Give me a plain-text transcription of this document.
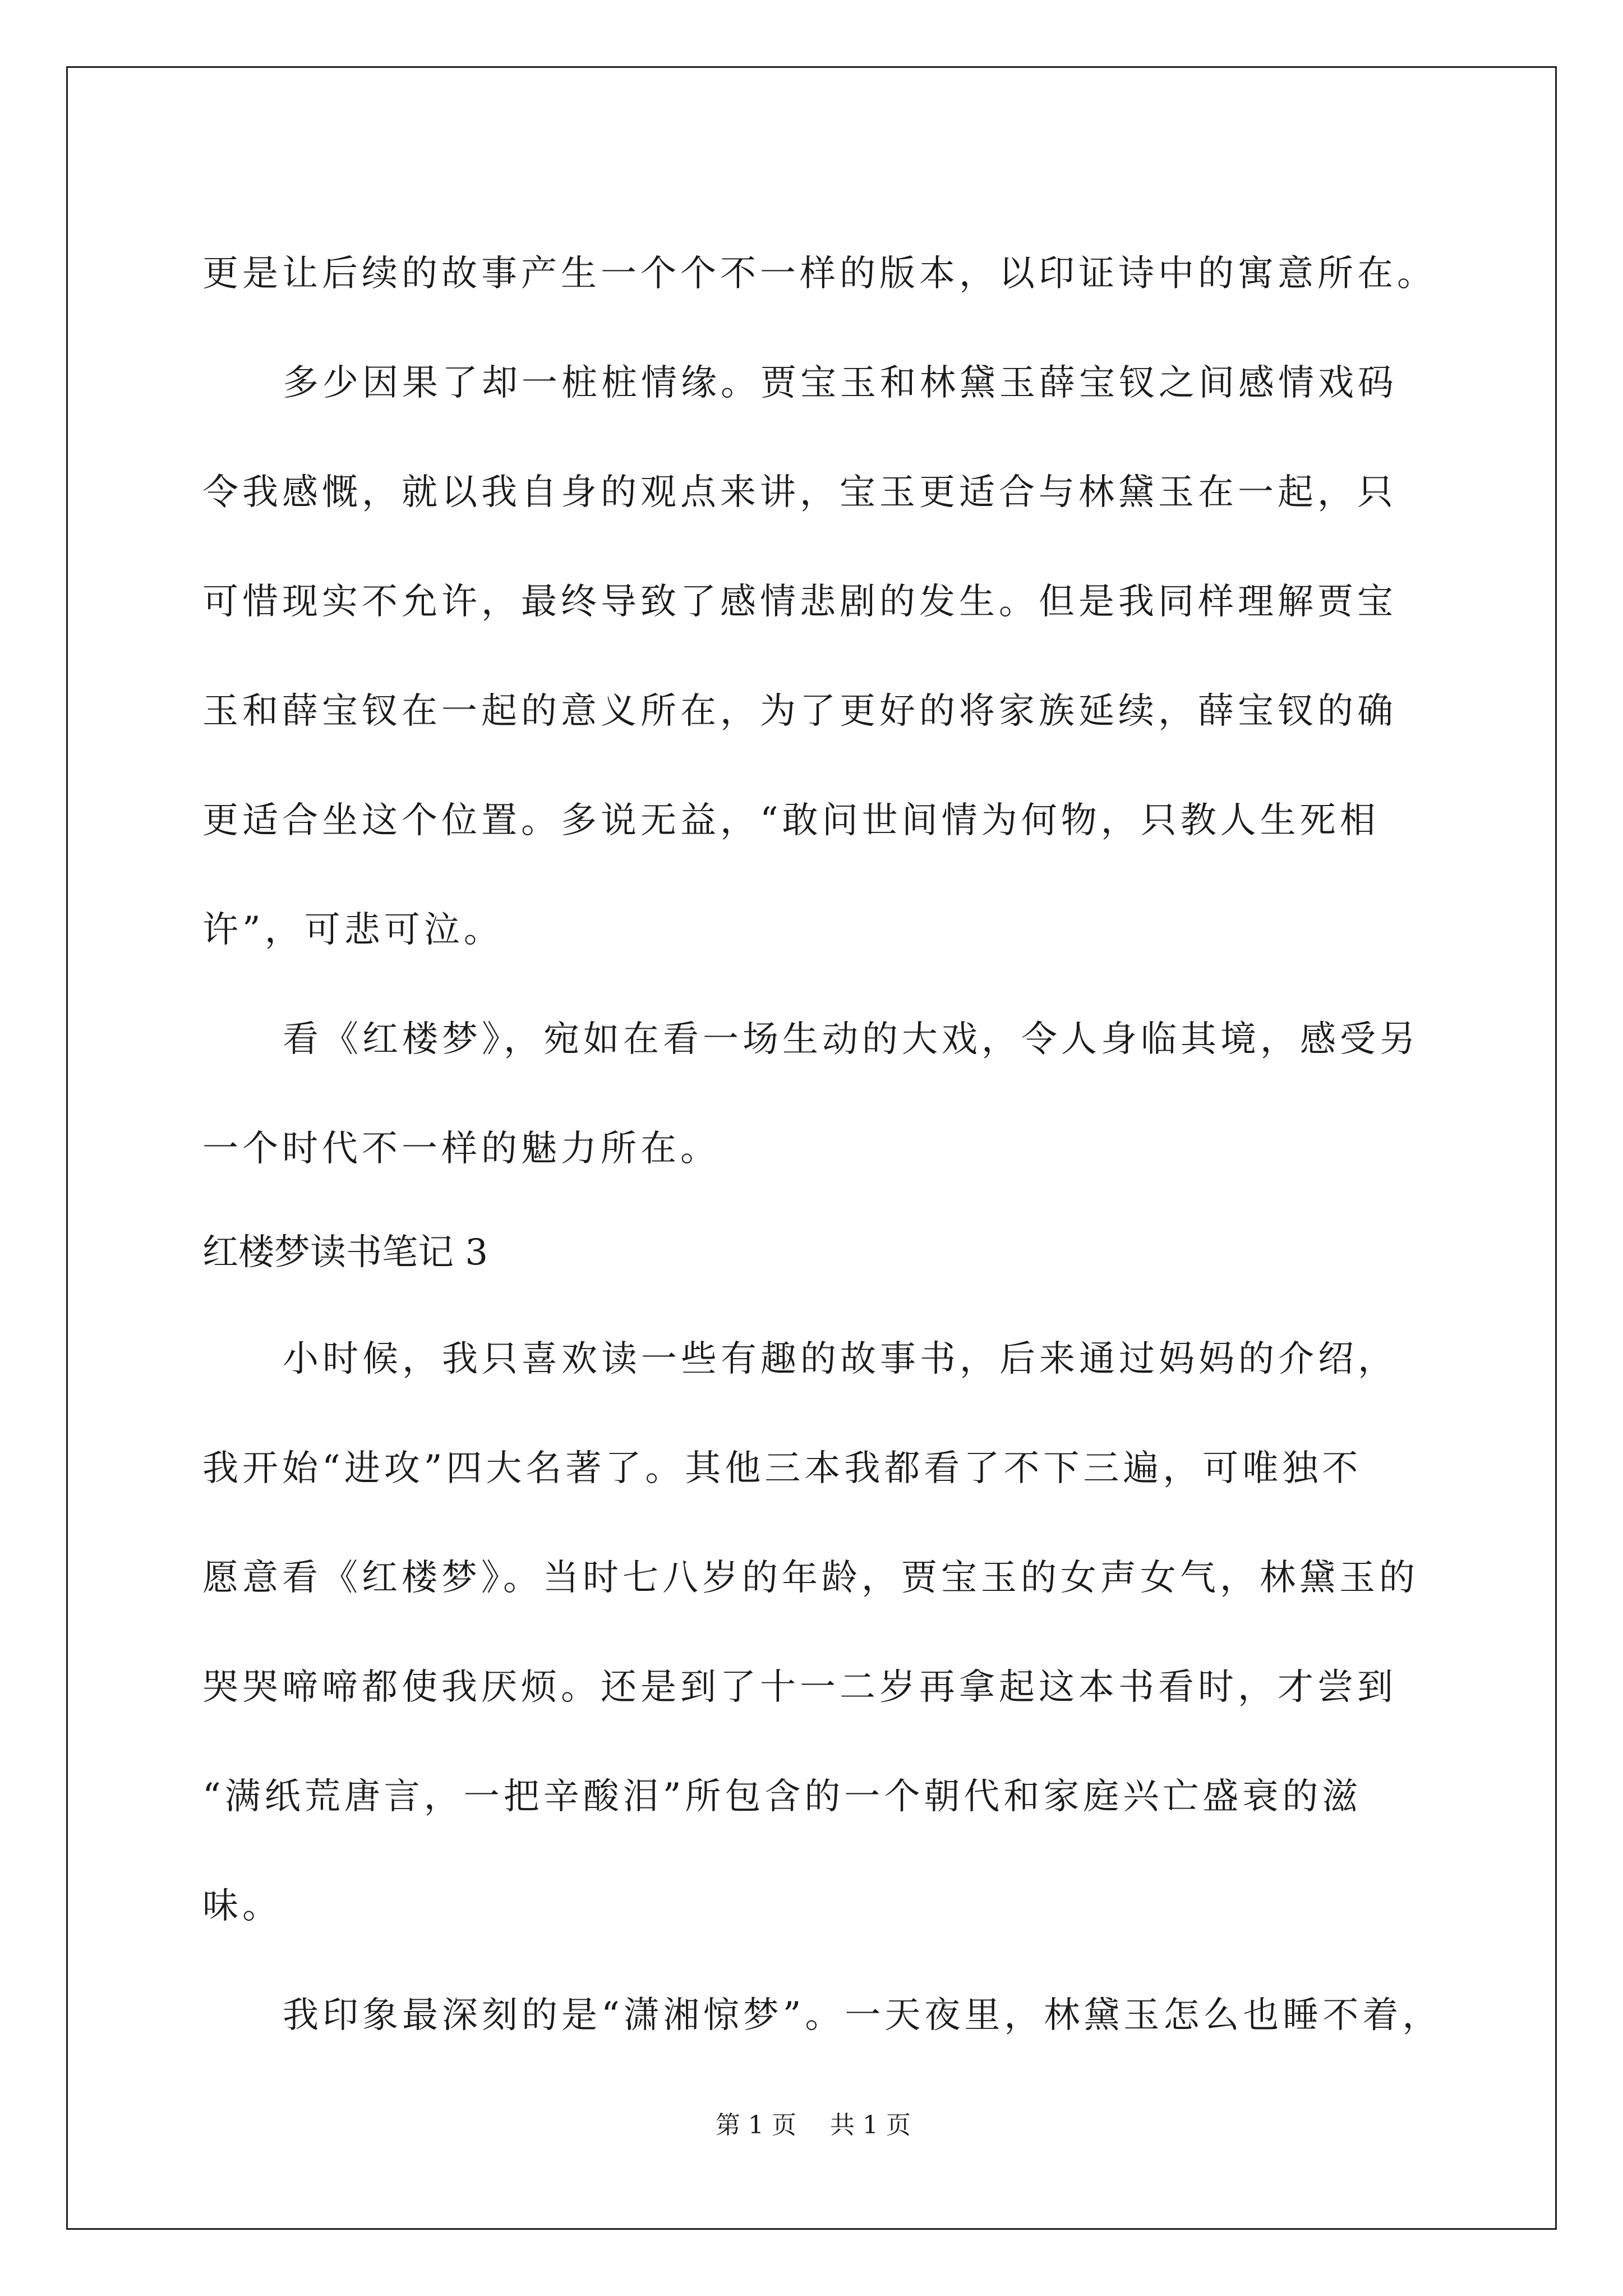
更是让后续的故事产生一个个不一样的版本，以印证诗中的寓意所在。
多少因果了却一桩桩情缘。贾宝玉和林黛玉薛宝钗之间感情戏码
令我感慨，就以我自身的观点来讲，宝玉更适合与林黛玉在一起，只
可惜现实不允许，最终导致了感情悲剧的发生。但是我同样理解贾宝
玉和薛宝钗在一起的意义所在，为了更好的将家族延续，薛宝钗的确
更适合坐这个位置。多说无益，“敢问世间情为何物，只教人生死相
许”，可悲可泣。
看《红楼梦》，宛如在看一场生动的大戏，令人身临其境，感受另
一个时代不一样的魅力所在。
红楼梦读书笔记 3
小时候，我只喜欢读一些有趣的故事书，后来通过妈妈的介绍，
我开始“进攻”四大名著了。其他三本我都看了不下三遍，可唯独不
愿意看《红楼梦》。当时七八岁的年龄，贾宝玉的女声女气，林黛玉的
哭哭啼啼都使我厌烦。还是到了十一二岁再拿起这本书看时，才尝到
“满纸荒唐言，一把辛酸泪”所包含的一个朝代和家庭兴亡盛衰的滋
味。
我印象最深刻的是“潇湘惊梦”。一天夜里，林黛玉怎么也睡不着，
第 1 页 共 1 页
